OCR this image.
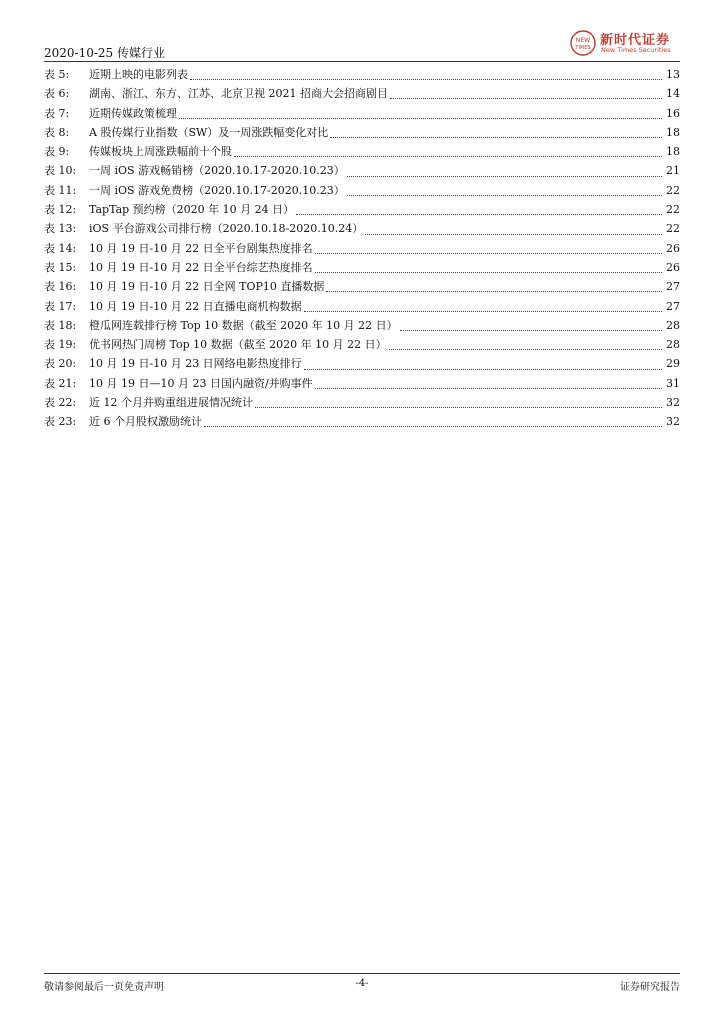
2020-10-25 传媒行业
NEW
TIMES 新时代证券
New Times Securities
表 5:	近期上映的电影列表	13
表 6:	湖南、浙江、东方、江苏、北京卫视 2021 招商大会招商剧目	14
表 7:	近期传媒政策梳理	16
表 8:	A 股传媒行业指数（SW）及一周涨跌幅变化对比	18
表 9:	传媒板块上周涨跌幅前十个股	18
表 10:	一周 iOS 游戏畅销榜（2020.10.17-2020.10.23）	21
表 11:	一周 iOS 游戏免费榜（2020.10.17-2020.10.23）	22
表 12:	TapTap 预约榜（2020 年 10 月 24 日）	22
表 13:	iOS 平台游戏公司排行榜（2020.10.18-2020.10.24）	22
表 14:	10 月 19 日-10 月 22 日全平台剧集热度排名	26
表 15:	10 月 19 日-10 月 22 日全平台综艺热度排名	26
表 16:	10 月 19 日-10 月 22 日全网 TOP10 直播数据	27
表 17:	10 月 19 日-10 月 22 日直播电商机构数据	27
表 18:	橙瓜网连载排行榜 Top 10 数据（截至 2020 年 10 月 22 日）	28
表 19:	优书网热门周榜 Top 10 数据（截至 2020 年 10 月 22 日）	28
表 20:	10 月 19 日-10 月 23 日网络电影热度排行	29
表 21:	10 月 19 日—10 月 23 日国内融资/并购事件	31
表 22:	近 12 个月并购重组进展情况统计	32
表 23:	近 6 个月股权激励统计	32
敬请参阅最后一页免责声明	-4-	证券研究报告
